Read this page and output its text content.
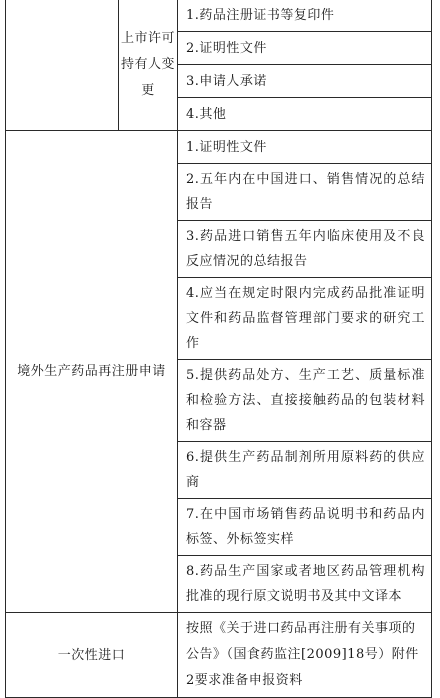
	上市许可持有人变更	1.药品注册证书等复印件
		2.证明性文件
		3.申请人承诺
		4.其他
境外生产药品再注册申请		1.证明性文件
		2.五年内在中国进口、销售情况的总结报告
		3.药品进口销售五年内临床使用及不良反应情况的总结报告
		4.应当在规定时限内完成药品批准证明文件和药品监督管理部门要求的研究工作
		5.提供药品处方、生产工艺、质量标准和检验方法、直接接触药品的包装材料和容器
		6.提供生产药品制剂所用原料药的供应商
		7.在中国市场销售药品说明书和药品内标签、外标签实样
		8.药品生产国家或者地区药品管理机构批准的现行原文说明书及其中文译本
一次性进口		按照《关于进口药品再注册有关事项的公告》（国食药监注[2009]18号）附件2要求准备申报资料
